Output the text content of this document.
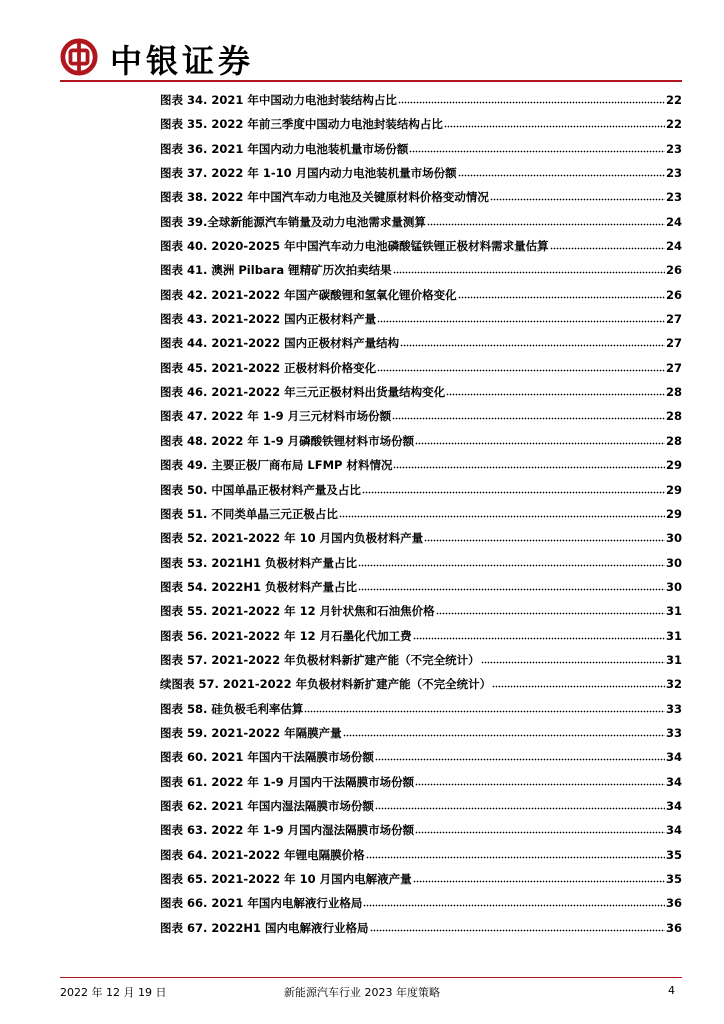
中银证券
图表 34. 2021 年中国动力电池封装结构占比	22
图表 35. 2022 年前三季度中国动力电池封装结构占比	22
图表 36. 2021 年国内动力电池装机量市场份额	23
图表 37. 2022 年 1-10 月国内动力电池装机量市场份额	23
图表 38. 2022 年中国汽车动力电池及关键原材料价格变动情况	23
图表 39.全球新能源汽车销量及动力电池需求量测算	24
图表 40. 2020-2025 年中国汽车动力电池磷酸锰铁锂正极材料需求量估算	24
图表 41. 澳洲 Pilbara 锂精矿历次拍卖结果	26
图表 42. 2021-2022 年国产碳酸锂和氢氧化锂价格变化	26
图表 43. 2021-2022 国内正极材料产量	27
图表 44. 2021-2022 国内正极材料产量结构	27
图表 45. 2021-2022 正极材料价格变化	27
图表 46. 2021-2022 年三元正极材料出货量结构变化	28
图表 47. 2022 年 1-9 月三元材料市场份额	28
图表 48. 2022 年 1-9 月磷酸铁锂材料市场份额	28
图表 49. 主要正极厂商布局 LFMP 材料情况	29
图表 50. 中国单晶正极材料产量及占比	29
图表 51. 不同类单晶三元正极占比	29
图表 52. 2021-2022 年 10 月国内负极材料产量	30
图表 53. 2021H1 负极材料产量占比	30
图表 54. 2022H1 负极材料产量占比	30
图表 55. 2021-2022 年 12 月针状焦和石油焦价格	31
图表 56. 2021-2022 年 12 月石墨化代加工费	31
图表 57. 2021-2022 年负极材料新扩建产能（不完全统计）	31
续图表 57. 2021-2022 年负极材料新扩建产能（不完全统计）	32
图表 58. 硅负极毛利率估算	33
图表 59. 2021-2022 年隔膜产量	33
图表 60. 2021 年国内干法隔膜市场份额	34
图表 61. 2022 年 1-9 月国内干法隔膜市场份额	34
图表 62. 2021 年国内湿法隔膜市场份额	34
图表 63. 2022 年 1-9 月国内湿法隔膜市场份额	34
图表 64. 2021-2022 年锂电隔膜价格	35
图表 65. 2021-2022 年 10 月国内电解液产量	35
图表 66. 2021 年国内电解液行业格局	36
图表 67. 2022H1 国内电解液行业格局	36
2022 年 12 月 19 日	新能源汽车行业 2023 年度策略	4
